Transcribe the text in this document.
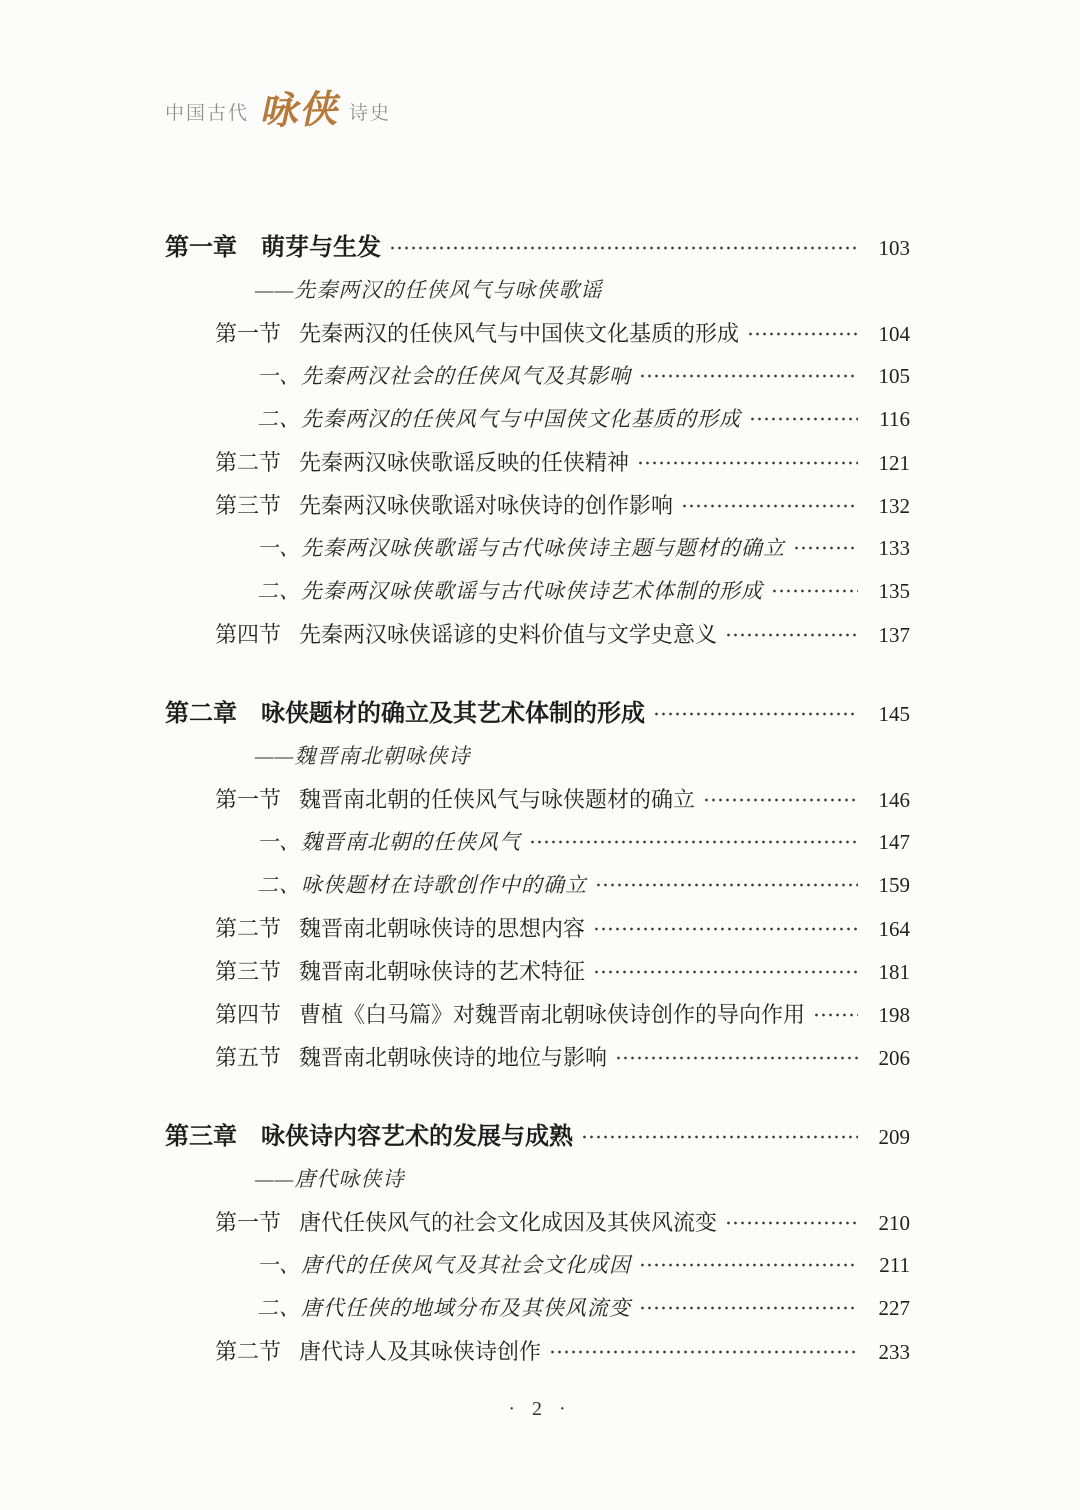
中国古代 咏侠 诗史
第一章 萌芽与生发	103
——先秦两汉的任侠风气与咏侠歌谣
第一节 先秦两汉的任侠风气与中国侠文化基质的形成	104
一、 先秦两汉社会的任侠风气及其影响	105
二、 先秦两汉的任侠风气与中国侠文化基质的形成	116
第二节 先秦两汉咏侠歌谣反映的任侠精神	121
第三节 先秦两汉咏侠歌谣对咏侠诗的创作影响	132
一、 先秦两汉咏侠歌谣与古代咏侠诗主题与题材的确立	133
二、 先秦两汉咏侠歌谣与古代咏侠诗艺术体制的形成	135
第四节 先秦两汉咏侠谣谚的史料价值与文学史意义	137
第二章 咏侠题材的确立及其艺术体制的形成	145
——魏晋南北朝咏侠诗
第一节 魏晋南北朝的任侠风气与咏侠题材的确立	146
一、 魏晋南北朝的任侠风气	147
二、 咏侠题材在诗歌创作中的确立	159
第二节 魏晋南北朝咏侠诗的思想内容	164
第三节 魏晋南北朝咏侠诗的艺术特征	181
第四节 曹植《白马篇》对魏晋南北朝咏侠诗创作的导向作用	198
第五节 魏晋南北朝咏侠诗的地位与影响	206
第三章 咏侠诗内容艺术的发展与成熟	209
——唐代咏侠诗
第一节 唐代任侠风气的社会文化成因及其侠风流变	210
一、 唐代的任侠风气及其社会文化成因	211
二、 唐代任侠的地域分布及其侠风流变	227
第二节 唐代诗人及其咏侠诗创作	233
· 2 ·
